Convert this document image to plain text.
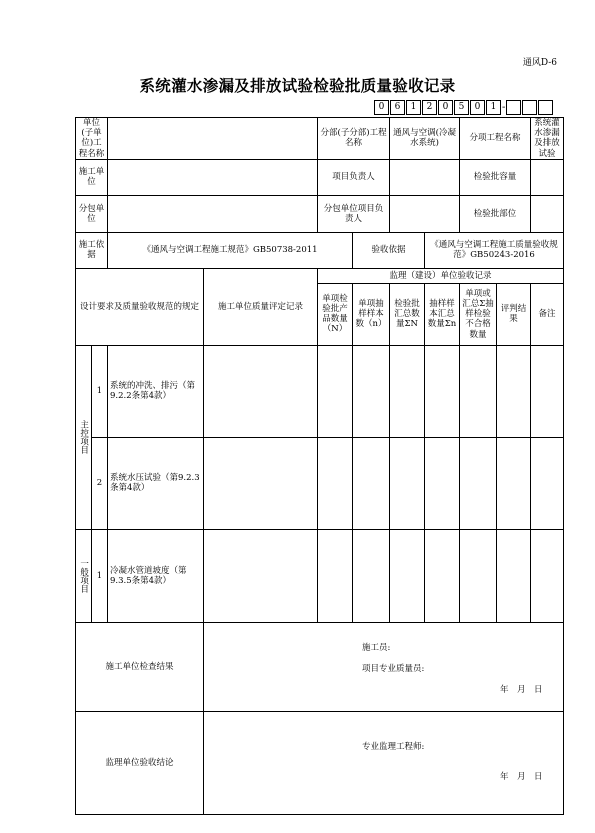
通风D-6
系统灌水渗漏及排放试验检验批质量验收记录
0	6	1	2	0	5	0	1 -
单位(子单位)工程名称				分部(子分部)工程名称		通风与空调(冷凝水系统)		分项工程名称		系统灌水渗漏及排放试验
施工单位				项目负责人				检验批容量		
分包单位				分包单位项目负责人				检验批部位		
施工依据		《通风与空调工程施工规范》GB50738-2011			验收依据		《通风与空调工程施工质量验收规范》GB50243-2016			
设计要求及质量验收规范的规定			施工单位质量评定记录	监理（建设）单位验收记录						
				单项检验批产品数量（N）	单项抽样样本数（n）	检验批汇总数量ΣN	抽样样本汇总数量Σn	单项或汇总Σ抽样检验不合格数量	评判结果	备注
主控项目	1	系统的冲洗、排污（第9.2.2条第4款）								
	2	系统水压试验（第9.2.3条第4款）								
一般项目	1	冷凝水管道坡度（第9.3.5条第4款）								
施工单位检查结果			施工员:
项目专业质量员:
年　月　日							

监理单位验收结论			专业监理工程师:
年　月　日							
